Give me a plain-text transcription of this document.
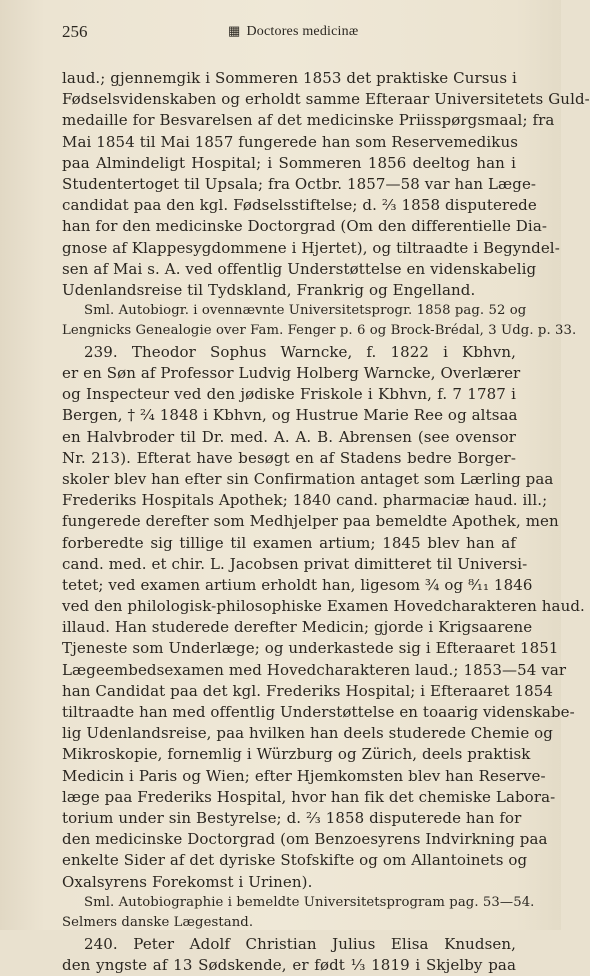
256	▦ Doctores medicinæ
laud.; gjennemgik i Sommeren 1853 det praktiske Cursus i
Fødselsvidenskaben og erholdt samme Efteraar Universitetets Guld-
medaille for Besvarelsen af det medicinske Priisspørgsmaal; fra
Mai 1854 til Mai 1857 fungerede han som Reservemedikus
paa Almindeligt Hospital; i Sommeren 1856 deeltog han i
Studentertoget til Upsala; fra Octbr. 1857—58 var han Læge-
candidat paa den kgl. Fødselsstiftelse; d. ²⁄₃ 1858 disputerede
han for den medicinske Doctorgrad (Om den differentielle Dia-
gnose af Klappesygdommene i Hjertet), og tiltraadte i Begyndel-
sen af Mai s. A. ved offentlig Understøttelse en videnskabelig
Udenlandsreise til Tydskland, Frankrig og Engelland.
Sml. Autobiogr. i ovennævnte Universitetsprogr. 1858 pag. 52 og
Lengnicks Genealogie over Fam. Fenger p. 6 og Brock-Brédal, 3 Udg. p. 33.
239. Theodor Sophus Warncke, f. 1822 i Kbhvn,
er en Søn af Professor Ludvig Holberg Warncke, Overlærer
og Inspecteur ved den jødiske Friskole i Kbhvn, f. 7 1787 i
Bergen, † ²⁄₄ 1848 i Kbhvn, og Hustrue Marie Ree og altsaa
en Halvbroder til Dr. med. A. A. B. Abrensen (see ovensor
Nr. 213). Efterat have besøgt en af Stadens bedre Borger-
skoler blev han efter sin Confirmation antaget som Lærling paa
Frederiks Hospitals Apothek; 1840 cand. pharmaciæ haud. ill.;
fungerede derefter som Medhjelper paa bemeldte Apothek, men
forberedte sig tillige til examen artium; 1845 blev han af
cand. med. et chir. L. Jacobsen privat dimitteret til Universi-
tetet; ved examen artium erholdt han, ligesom ¾ og ⁸⁄₁₁ 1846
ved den philologisk-philosophiske Examen Hovedcharakteren haud.
illaud. Han studerede derefter Medicin; gjorde i Krigsaarene
Tjeneste som Underlæge; og underkastede sig i Efteraaret 1851
Lægeembedsexamen med Hovedcharakteren laud.; 1853—54 var
han Candidat paa det kgl. Frederiks Hospital; i Efteraaret 1854
tiltraadte han med offentlig Understøttelse en toaarig videnskabe-
lig Udenlandsreise, paa hvilken han deels studerede Chemie og
Mikroskopie, fornemlig i Würzburg og Zürich, deels praktisk
Medicin i Paris og Wien; efter Hjemkomsten blev han Reserve-
læge paa Frederiks Hospital, hvor han fik det chemiske Labora-
torium under sin Bestyrelse; d. ²⁄₃ 1858 disputerede han for
den medicinske Doctorgrad (om Benzoesyrens Indvirkning paa
enkelte Sider af det dyriske Stofskifte og om Allantoinets og
Oxalsyrens Forekomst i Urinen).
Sml. Autobiographie i bemeldte Universitetsprogram pag. 53—54.
Selmers danske Lægestand.
240. Peter Adolf Christian Julius Elisa Knudsen,
den yngste af 13 Sødskende, er født ¹⁄₃ 1819 i Skjelby paa
